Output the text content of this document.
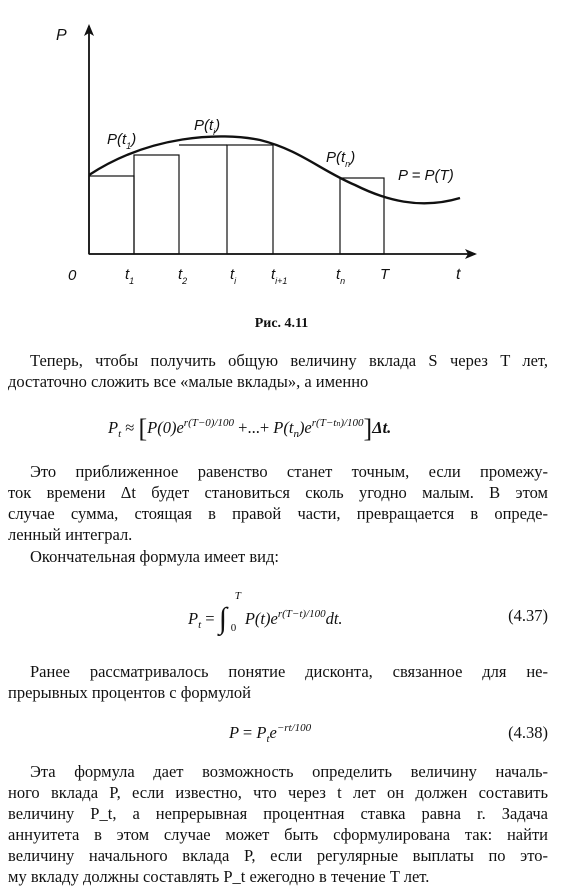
P
t
0	$t_1$	$t_2$	$t_i$ $t_{i+1}$	$t_n$ T
$P(t_1)$
$P(t_i)$
$P(t_n)$
P = P(T)
Рис. 4.11
Теперь, чтобы получить общую величину вклада S через T лет,
достаточно сложить все «малые вклады», а именно
$P_t \approx [P(0)e^{r(T-0)/100}$ +...+ $P(t_n)e^{r(T-tn)/100}]\Delta t$.
Это приближенное равенство станет точным, если промежу-
ток времени Δt будет становиться сколь угодно малым. В этом
случае сумма, стоящая в правой части, превращается в опреде-
ленный интеграл.
Окончательная формула имеет вид:
$P_t$ = ∫
T
0 $P(t)e^{r(T-t)/100}dt$.	(4.37)
Ранее рассматривалось понятие дисконта, связанное для не-
прерывных процентов с формулой
$P = P_te^{-rt/100}$	(4.38)
Эта формула дает возможность определить величину началь-
ного вклада P, если известно, что через t лет он должен составить
величину P_t, а непрерывная процентная ставка равна r. Задача
аннуитета в этом случае может быть сформулирована так: найти
величину начального вклада P, если регулярные выплаты по это-
му вкладу должны составлять P_t ежегодно в течение T лет.
